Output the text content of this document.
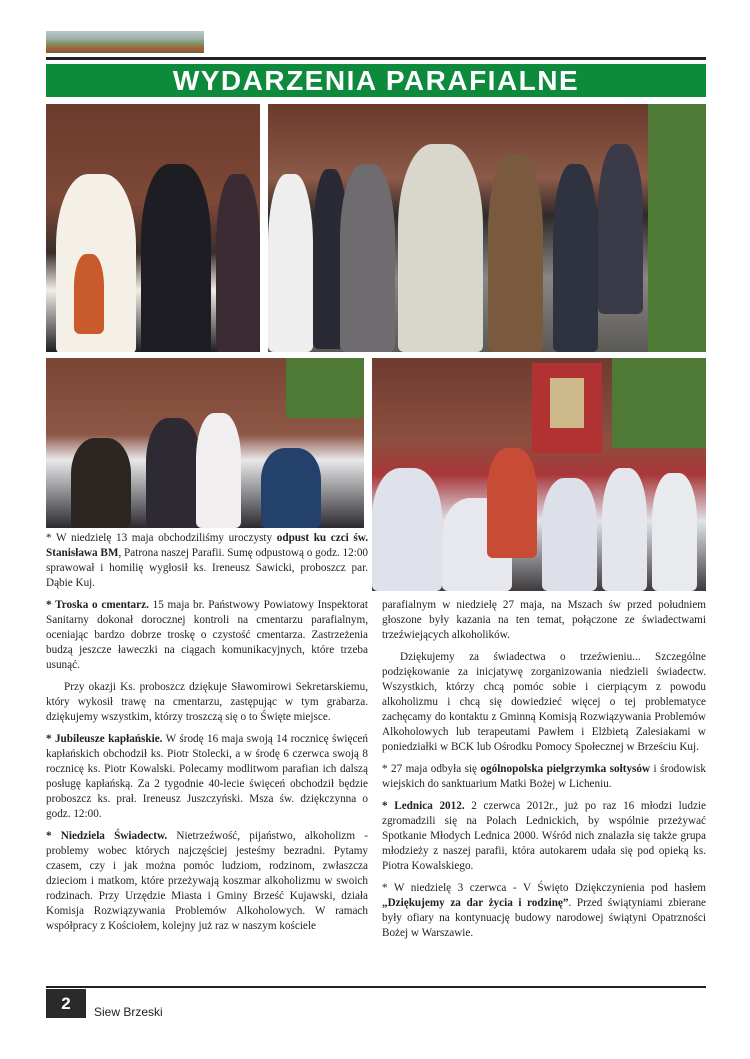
WYDARZENIA PARAFIALNE

* W niedzielę 13 maja obchodziliśmy uroczysty odpust ku czci św. Stanisława BM, Patrona naszej Parafii. Sumę odpustową o godz. 12:00 sprawował i homilię wygłosił ks. Ireneusz Sawicki, proboszcz par. Dąbie Kuj.

* Troska o cmentarz. 15 maja br. Państwowy Powiatowy Inspektorat Sanitarny dokonał dorocznej kontroli na cmentarzu parafialnym, oceniając bardzo dobrze troskę o czystość cmentarza. Zastrzeżenia budzą jeszcze ławeczki na ciągach komunikacyjnych, które trzeba usunąć.

Przy okazji Ks. proboszcz dziękuje Sławomirowi Sekretarskiemu, który wykosił trawę na cmentarzu, zastępując w tym grabarza. dziękujemy wszystkim, którzy troszczą się o to Święte miejsce.

* Jubileusze kapłańskie. W środę 16 maja swoją 14 rocznicę święceń kapłańskich obchodził ks. Piotr Stolecki, a w środę 6 czerwca swoją 8 rocznicę ks. Piotr Kowalski. Polecamy modlitwom parafian ich dalszą posługę kapłańską. Za 2 tygodnie 40-lecie święceń obchodził będzie proboszcz ks. prał. Ireneusz Juszczyński. Msza św. dziękczynna o godz. 12:00.

* Niedziela Świadectw. Nietrzeźwość, pijaństwo, alkoholizm - problemy wobec których najczęściej jesteśmy bezradni. Pytamy czasem, czy i jak można pomóc ludziom, rodzinom, zwłaszcza dzieciom i matkom, które przeżywają koszmar alkoholizmu w swoich rodzinach. Przy Urzędzie Miasta i Gminy Brześć Kujawski, działa Komisja Rozwiązywania Problemów Alkoholowych. W ramach współpracy z Kościołem, kolejny już raz w naszym kościele

parafialnym w niedzielę 27 maja, na Mszach św przed południem głoszone były kazania na ten temat, połączone ze świadectwami trzeźwiejących alkoholików.

Dziękujemy za świadectwa o trzeźwieniu... Szczególne podziękowanie za inicjatywę zorganizowania niedzieli świadectw. Wszystkich, którzy chcą pomóc sobie i cierpiącym z powodu alkoholizmu i chcą się dowiedzieć więcej o tej problematyce zachęcamy do kontaktu z Gminną Komisją Rozwiązywania Problemów Alkoholowych lub terapeutami Pawłem i Elżbietą Zalesiakami w poniedziałki w BCK lub Ośrodku Pomocy Społecznej w Brześciu Kuj.

* 27 maja odbyła się ogólnopolska pielgrzymka sołtysów i środowisk wiejskich do sanktuarium Matki Bożej w Licheniu.

* Lednica 2012. 2 czerwca 2012r., już po raz 16 młodzi ludzie zgromadzili się na Polach Lednickich, by wspólnie przeżywać Spotkanie Młodych Lednica 2000. Wśród nich znalazła się także grupa młodzieży z naszej parafii, która autokarem udała się pod opieką ks. Piotra Kowalskiego.

* W niedzielę 3 czerwca - V Święto Dziękczynienia pod hasłem „Dziękujemy za dar życia i rodzinę”. Przed świątyniami zbierane były ofiary na kontynuację budowy narodowej świątyni Opatrzności Bożej w Warszawie.

2	Siew Brzeski
